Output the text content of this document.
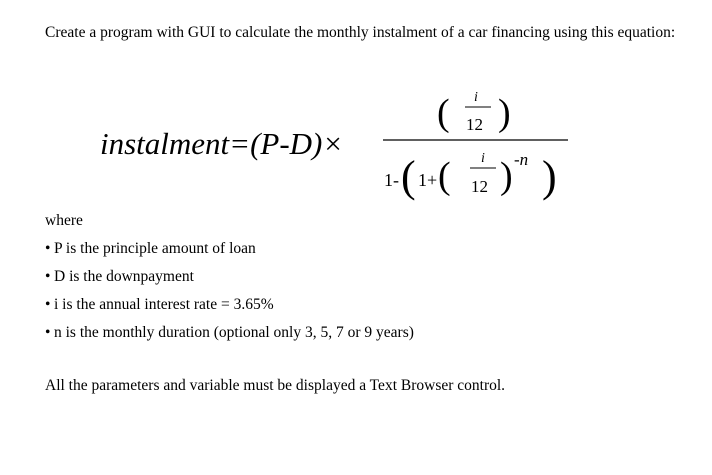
Create a program with GUI to calculate the monthly instalment of a car financing using this equation:
instalment=(P-D)×
( i
12 )
1- ( 1+ ( i
12 ) -n )
where
• P is the principle amount of loan
• D is the downpayment
• i is the annual interest rate = 3.65%
• n is the monthly duration (optional only 3, 5, 7 or 9 years)
All the parameters and variable must be displayed a Text Browser control.
